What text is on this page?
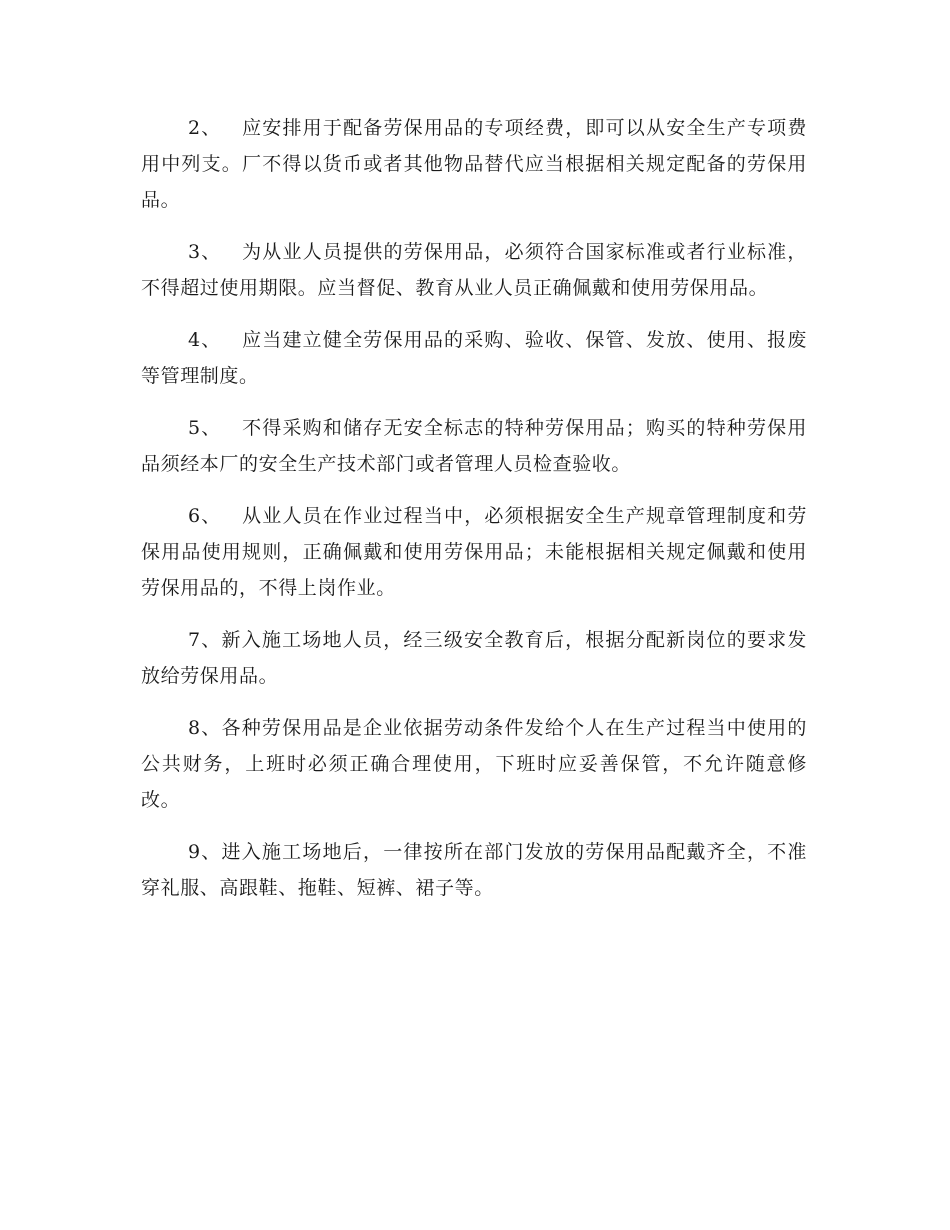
2、 应安排用于配备劳保用品的专项经费，即可以从安全生产专项费用中列支。厂不得以货币或者其他物品替代应当根据相关规定配备的劳保用品。

3、 为从业人员提供的劳保用品，必须符合国家标准或者行业标准，不得超过使用期限。应当督促、教育从业人员正确佩戴和使用劳保用品。

4、 应当建立健全劳保用品的采购、验收、保管、发放、使用、报废等管理制度。

5、 不得采购和储存无安全标志的特种劳保用品；购买的特种劳保用品须经本厂的安全生产技术部门或者管理人员检查验收。

6、 从业人员在作业过程当中，必须根据安全生产规章管理制度和劳保用品使用规则，正确佩戴和使用劳保用品；未能根据相关规定佩戴和使用劳保用品的，不得上岗作业。

7、新入施工场地人员，经三级安全教育后，根据分配新岗位的要求发放给劳保用品。

8、各种劳保用品是企业依据劳动条件发给个人在生产过程当中使用的公共财务，上班时必须正确合理使用，下班时应妥善保管，不允许随意修改。

9、进入施工场地后，一律按所在部门发放的劳保用品配戴齐全，不准穿礼服、高跟鞋、拖鞋、短裤、裙子等。
